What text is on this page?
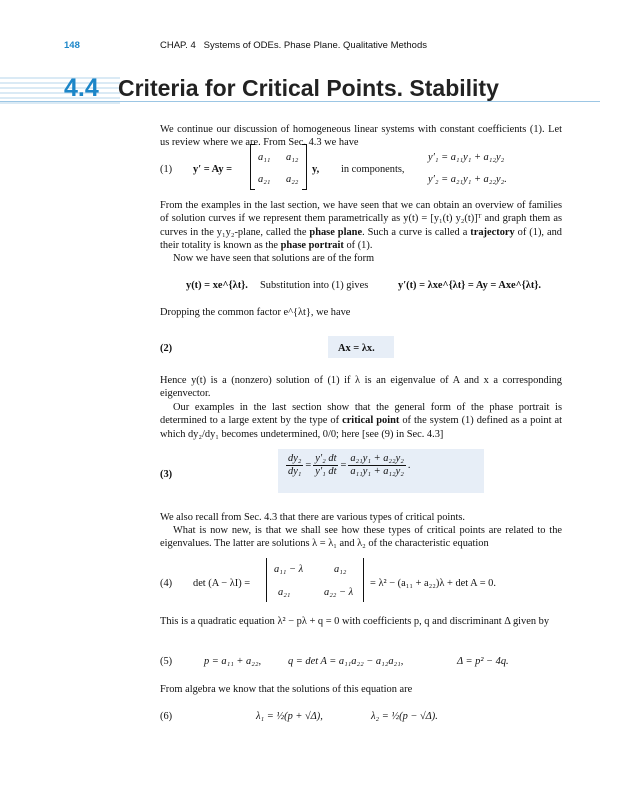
148	CHAP. 4   Systems of ODEs. Phase Plane. Qualitative Methods
4.4 Criteria for Critical Points. Stability
We continue our discussion of homogeneous linear systems with constant coefficients (1). Let us review where we are. From Sec. 4.3 we have
(1) y′ = Ay =
a₁₁ a₁₂
a₂₁ a₂₂
y, in components,
y′₁ = a₁₁y₁ + a₁₂y₂
y′₂ = a₂₁y₁ + a₂₂y₂.
From the examples in the last section, we have seen that we can obtain an overview of families of solution curves if we represent them parametrically as y(t) = [y₁(t) y₂(t)]ᵀ and graph them as curves in the y₁y₂-plane, called the phase plane. Such a curve is called a trajectory of (1), and their totality is known as the phase portrait of (1).
Now we have seen that solutions are of the form
y(t) = xe^{λt}. Substitution into (1) gives	y′(t) = λxe^{λt} = Ay = Axe^{λt}.
Dropping the common factor e^{λt}, we have
(2)	Ax = λx.
Hence y(t) is a (nonzero) solution of (1) if λ is an eigenvalue of A and x a corresponding eigenvector.
Our examples in the last section show that the general form of the phase portrait is determined to a large extent by the type of critical point of the system (1) defined as a point at which dy₂/dy₁ becomes undetermined, 0/0; here [see (9) in Sec. 4.3]
(3)	$\frac{\text{dy₂}}{\text{dy₁}} = \frac{\text{y′₂ dt}}{\text{y′₁ dt}} = \frac{\text{a₂₁y₁ + a₂₂y₂}}{\text{a₁₁y₁ + a₁₂y₂}}$ .
We also recall from Sec. 4.3 that there are various types of critical points.
What is now new, is that we shall see how these types of critical points are related to the eigenvalues. The latter are solutions λ = λ₁ and λ₂ of the characteristic equation
(4) det (A − λI) =
a₁₁ − λ	a₁₂
a₂₁	a₂₂ − λ
= λ² − (a₁₁ + a₂₂)λ + det A = 0.
This is a quadratic equation λ² − pλ + q = 0 with coefficients p, q and discriminant Δ given by
(5)	p = a₁₁ + a₂₂,	q = det A = a₁₁a₂₂ − a₁₂a₂₁,	Δ = p² − 4q.
From algebra we know that the solutions of this equation are
(6)	λ₁ = ½(p + √Δ),	λ₂ = ½(p − √Δ).
